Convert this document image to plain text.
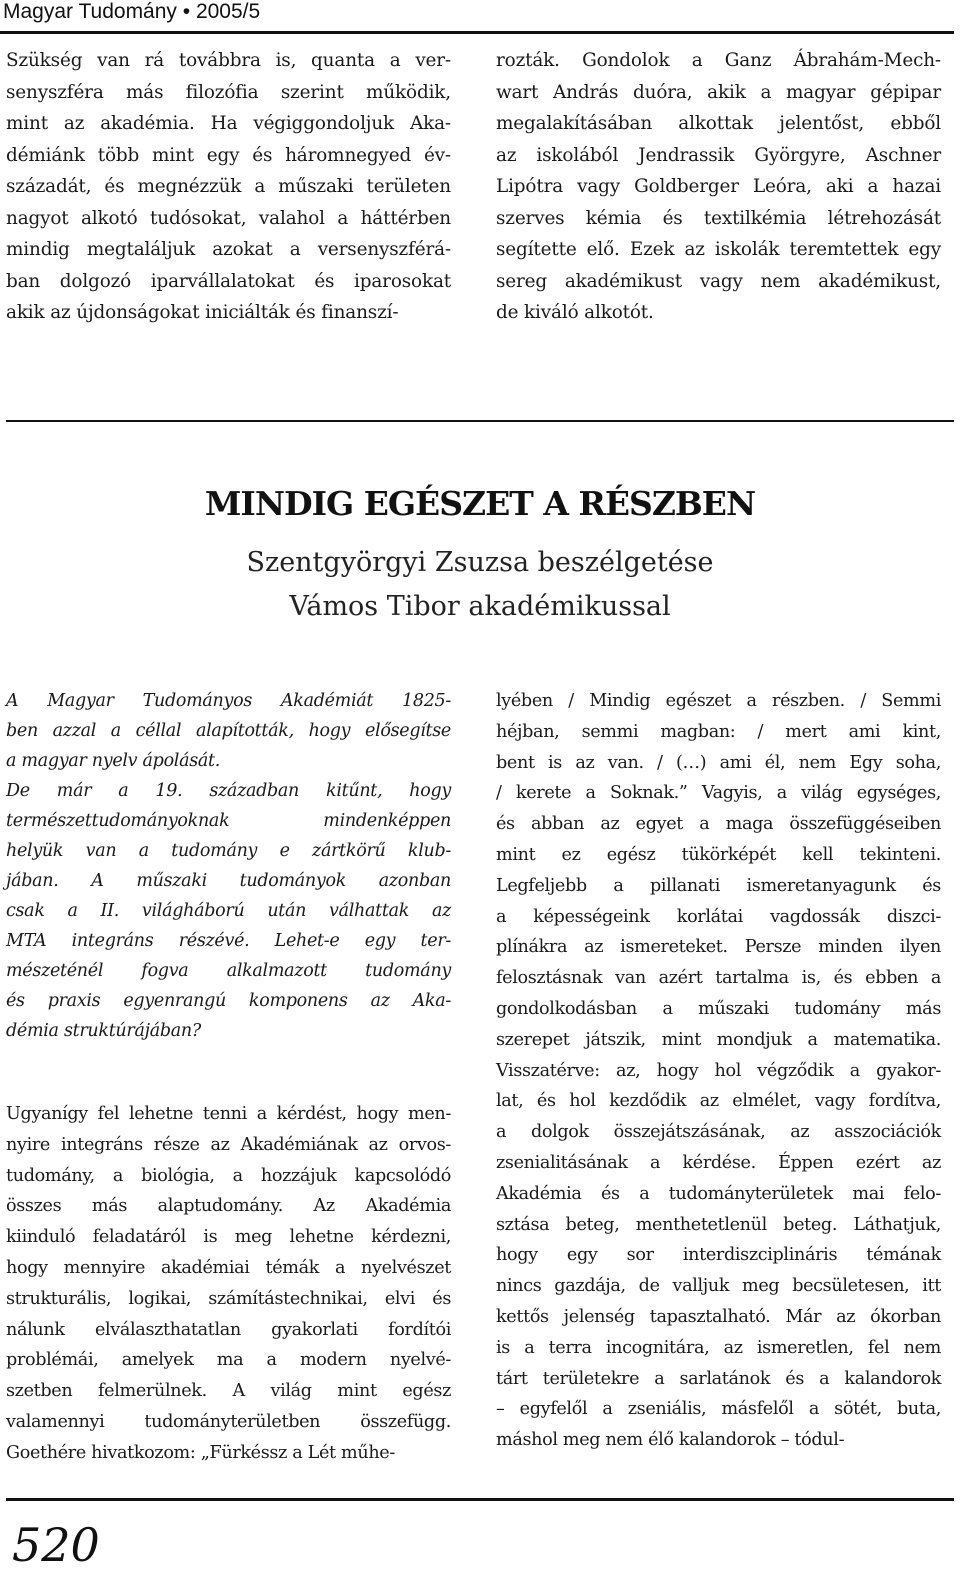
Magyar Tudomány • 2005/5
Szükség van rá továbbra is, quanta a ver-
senyszféra más filozófia szerint működik,
mint az akadémia. Ha végiggondoljuk Aka-
démiánk több mint egy és háromnegyed év-
századát, és megnézzük a műszaki területen
nagyot alkotó tudósokat, valahol a háttérben
mindig megtaláljuk azokat a versenyszférá-
ban dolgozó iparvállalatokat és iparosokat
akik az újdonságokat iniciálták és finanszí-
rozták. Gondolok a Ganz Ábrahám-Mech-
wart András duóra, akik a magyar gépipar
megalakításában alkottak jelentőst, ebből
az iskolából Jendrassik Györgyre, Aschner
Lipótra vagy Goldberger Leóra, aki a hazai
szerves kémia és textilkémia létrehozását
segítette elő. Ezek az iskolák teremtettek egy
sereg akadémikust vagy nem akadémikust,
de kiváló alkotót.
MINDIG EGÉSZET A RÉSZBEN
Szentgyörgyi Zsuzsa beszélgetése
Vámos Tibor akadémikussal
A Magyar Tudományos Akadémiát 1825-
ben azzal a céllal alapították, hogy elősegítse
a magyar nyelv ápolását.
De már a 19. században kitűnt, hogy
természettudományoknak mindenképpen
helyük van a tudomány e zártkörű klub-
jában. A műszaki tudományok azonban
csak a II. világháború után válhattak az
MTA integráns részévé. Lehet-e egy ter-
mészeténél fogva alkalmazott tudomány
és praxis egyenrangú komponens az Aka-
démia struktúrájában?
Ugyanígy fel lehetne tenni a kérdést, hogy men-
nyire integráns része az Akadémiának az orvos-
tudomány, a biológia, a hozzájuk kapcsolódó
összes más alaptudomány. Az Akadémia
kiinduló feladatáról is meg lehetne kérdezni,
hogy mennyire akadémiai témák a nyelvészet
strukturális, logikai, számítástechnikai, elvi és
nálunk elválaszthatatlan gyakorlati fordítói
problémái, amelyek ma a modern nyelvé-
szetben felmerülnek. A világ mint egész
valamennyi tudományterületben összefügg.
Goethére hivatkozom: „Fürkéssz a Lét műhe-
lyében / Mindig egészet a részben. / Semmi
héjban, semmi magban: / mert ami kint,
bent is az van. / (…) ami él, nem Egy soha,
/ kerete a Soknak.” Vagyis, a világ egységes,
és abban az egyet a maga összefüggéseiben
mint ez egész tükörképét kell tekinteni.
Legfeljebb a pillanati ismeretanyagunk és
a képességeink korlátai vagdossák diszci-
plínákra az ismereteket. Persze minden ilyen
felosztásnak van azért tartalma is, és ebben a
gondolkodásban a műszaki tudomány más
szerepet játszik, mint mondjuk a matematika.
Visszatérve: az, hogy hol végződik a gyakor-
lat, és hol kezdődik az elmélet, vagy fordítva,
a dolgok összejátszásának, az asszociációk
zsenialitásának a kérdése. Éppen ezért az
Akadémia és a tudományterületek mai felo-
sztása beteg, menthetetlenül beteg. Láthatjuk,
hogy egy sor interdiszciplináris témának
nincs gazdája, de valljuk meg becsületesen, itt
kettős jelenség tapasztalható. Már az ókorban
is a terra incognitára, az ismeretlen, fel nem
tárt területekre a sarlatánok és a kalandorok
– egyfelől a zseniális, másfelől a sötét, buta,
máshol meg nem élő kalandorok – tódul-
520
